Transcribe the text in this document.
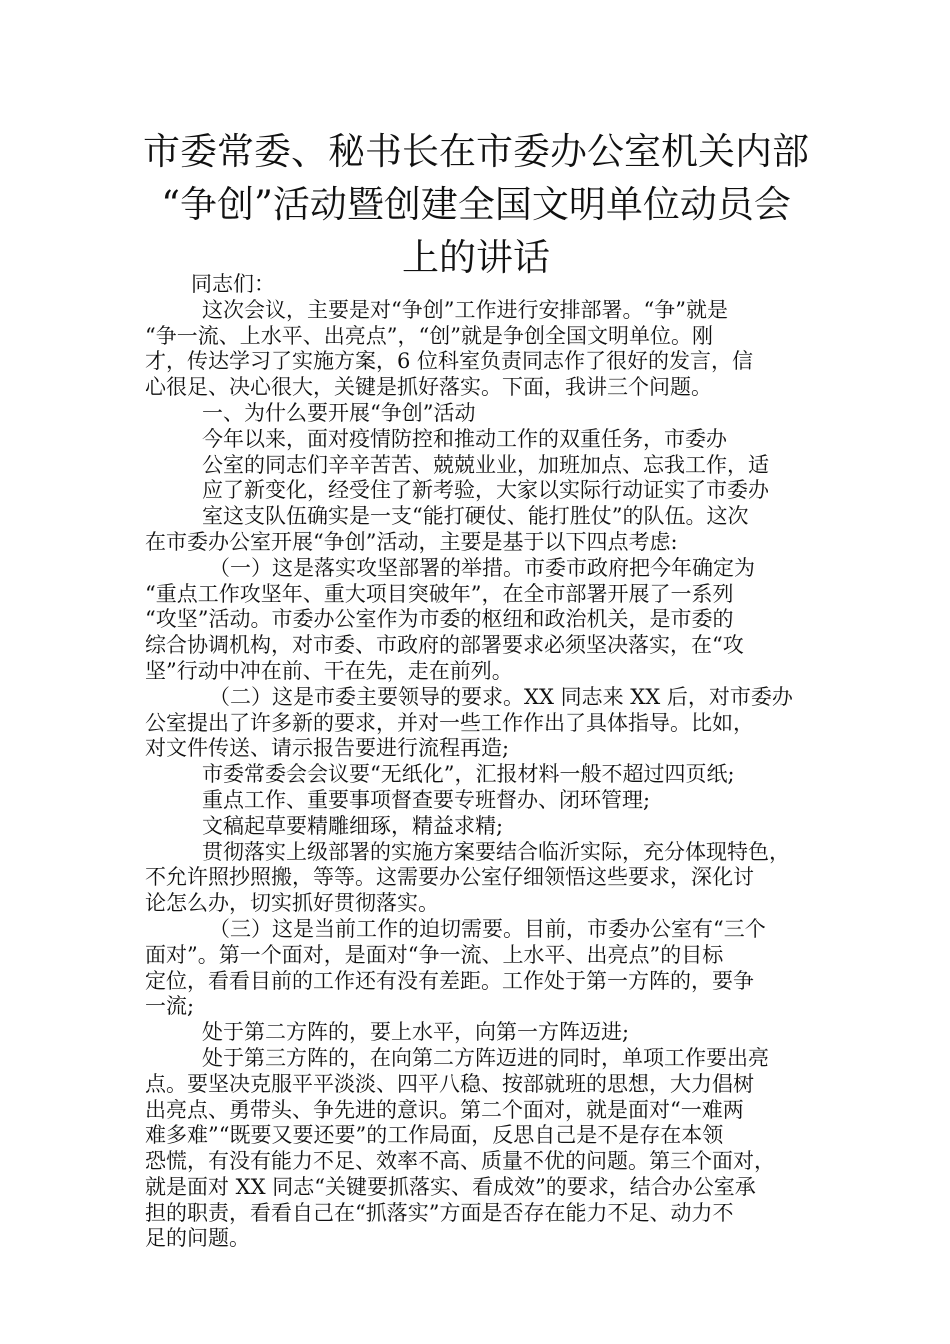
市委常委、秘书长在市委办公室机关内部
“争创”活动暨创建全国文明单位动员会
上的讲话
同志们：
这次会议，主要是对“争创”工作进行安排部署。“争”就是
“争一流、上水平、出亮点”，“创”就是争创全国文明单位。刚
才，传达学习了实施方案，6 位科室负责同志作了很好的发言，信
心很足、决心很大，关键是抓好落实。下面，我讲三个问题。
一、为什么要开展“争创”活动
今年以来，面对疫情防控和推动工作的双重任务，市委办
公室的同志们辛辛苦苦、兢兢业业，加班加点、忘我工作，适
应了新变化，经受住了新考验，大家以实际行动证实了市委办
室这支队伍确实是一支“能打硬仗、能打胜仗”的队伍。这次
在市委办公室开展“争创”活动，主要是基于以下四点考虑:
（一）这是落实攻坚部署的举措。市委市政府把今年确定为
“重点工作攻坚年、重大项目突破年”，在全市部署开展了一系列
“攻坚”活动。市委办公室作为市委的枢纽和政治机关，是市委的
综合协调机构，对市委、市政府的部署要求必须坚决落实，在“攻
坚”行动中冲在前、干在先，走在前列。
（二）这是市委主要领导的要求。XX 同志来 XX 后，对市委办
公室提出了许多新的要求，并对一些工作作出了具体指导。比如，
对文件传送、请示报告要进行流程再造;
市委常委会会议要“无纸化”，汇报材料一般不超过四页纸;
重点工作、重要事项督查要专班督办、闭环管理;
文稿起草要精雕细琢，精益求精;
贯彻落实上级部署的实施方案要结合临沂实际，充分体现特色，
不允许照抄照搬，等等。这需要办公室仔细领悟这些要求，深化讨
论怎么办，切实抓好贯彻落实。
（三）这是当前工作的迫切需要。目前，市委办公室有“三个
面对”。第一个面对，是面对“争一流、上水平、出亮点”的目标
定位，看看目前的工作还有没有差距。工作处于第一方阵的，要争
一流;
处于第二方阵的，要上水平，向第一方阵迈进;
处于第三方阵的，在向第二方阵迈进的同时，单项工作要出亮
点。要坚决克服平平淡淡、四平八稳、按部就班的思想，大力倡树
出亮点、勇带头、争先进的意识。第二个面对，就是面对“一难两
难多难”“既要又要还要”的工作局面，反思自己是不是存在本领
恐慌，有没有能力不足、效率不高、质量不优的问题。第三个面对，
就是面对 XX 同志“关键要抓落实、看成效”的要求，结合办公室承
担的职责，看看自己在“抓落实”方面是否存在能力不足、动力不
足的问题。
